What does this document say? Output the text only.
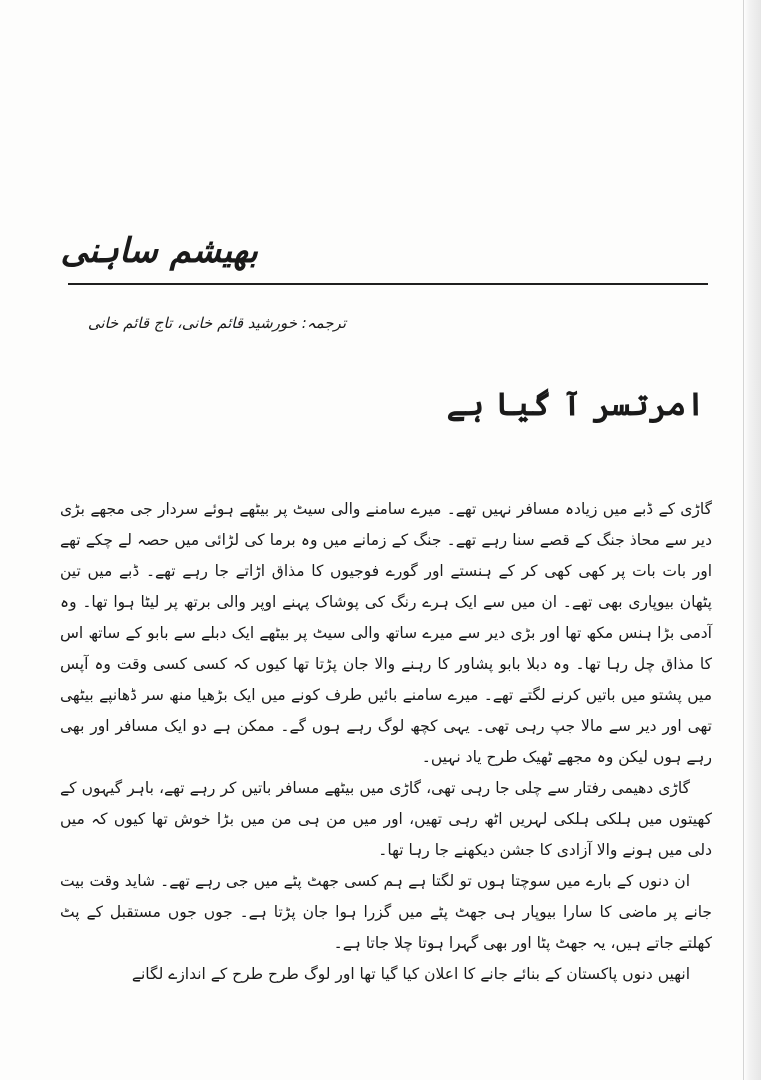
بھیشم ساہنی
ترجمہ: خورشید قائم خانی، تاج قائم خانی
امرتسر آ گیا ہے

گاڑی کے ڈبے میں زیادہ مسافر نہیں تھے۔ میرے سامنے والی سیٹ پر بیٹھے ہوئے سردار جی مجھے بڑی دیر سے محاذ جنگ کے قصے سنا رہے تھے۔ جنگ کے زمانے میں وہ برما کی لڑائی میں حصہ لے چکے تھے اور بات بات پر کھی کھی کر کے ہنستے اور گورے فوجیوں کا مذاق اڑاتے جا رہے تھے۔ ڈبے میں تین پٹھان بیوپاری بھی تھے۔ ان میں سے ایک ہرے رنگ کی پوشاک پہنے اوپر والی برتھ پر لیٹا ہوا تھا۔ وہ آدمی بڑا ہنس مکھ تھا اور بڑی دیر سے میرے ساتھ والی سیٹ پر بیٹھے ایک دبلے سے بابو کے ساتھ اس کا مذاق چل رہا تھا۔ وہ دبلا بابو پشاور کا رہنے والا جان پڑتا تھا کیوں کہ کسی کسی وقت وہ آپس میں پشتو میں باتیں کرنے لگتے تھے۔ میرے سامنے بائیں طرف کونے میں ایک بڑھیا منھ سر ڈھانپے بیٹھی تھی اور دیر سے مالا جپ رہی تھی۔ یہی کچھ لوگ رہے ہوں گے۔ ممکن ہے دو ایک مسافر اور بھی رہے ہوں لیکن وہ مجھے ٹھیک طرح یاد نہیں۔

گاڑی دھیمی رفتار سے چلی جا رہی تھی، گاڑی میں بیٹھے مسافر باتیں کر رہے تھے، باہر گیہوں کے کھیتوں میں ہلکی ہلکی لہریں اٹھ رہی تھیں، اور میں من ہی من میں بڑا خوش تھا کیوں کہ میں دلی میں ہونے والا آزادی کا جشن دیکھنے جا رہا تھا۔

ان دنوں کے بارے میں سوچتا ہوں تو لگتا ہے ہم کسی جھٹ پٹے میں جی رہے تھے۔ شاید وقت بیت جانے پر ماضی کا سارا بیوپار ہی جھٹ پٹے میں گزرا ہوا جان پڑتا ہے۔ جوں جوں مستقبل کے پٹ کھلتے جاتے ہیں، یہ جھٹ پٹا اور بھی گہرا ہوتا چلا جاتا ہے۔

انھیں دنوں پاکستان کے بنائے جانے کا اعلان کیا گیا تھا اور لوگ طرح طرح کے اندازے لگانے
